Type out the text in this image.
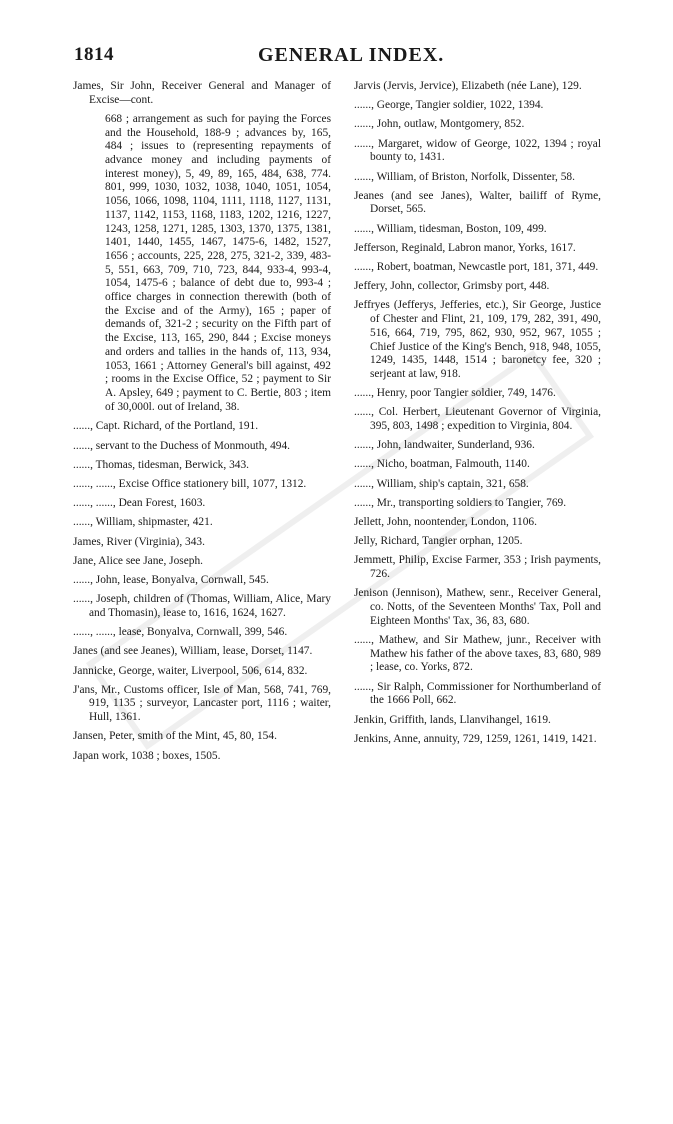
1814	GENERAL INDEX.

James, Sir John, Receiver General and Manager of Excise—cont.

668 ; arrangement as such for paying the Forces and the Household, 188-9 ; advances by, 165, 484 ; issues to (representing repayments of advance money and including payments of interest money), 5, 49, 89, 165, 484, 638, 774. 801, 999, 1030, 1032, 1038, 1040, 1051, 1054, 1056, 1066, 1098, 1104, 1111, 1118, 1127, 1131, 1137, 1142, 1153, 1168, 1183, 1202, 1216, 1227, 1243, 1258, 1271, 1285, 1303, 1370, 1375, 1381, 1401, 1440, 1455, 1467, 1475-6, 1482, 1527, 1656 ; accounts, 225, 228, 275, 321-2, 339, 483-5, 551, 663, 709, 710, 723, 844, 933-4, 993-4, 1054, 1475-6 ; balance of debt due to, 993-4 ; office charges in connection therewith (both of the Excise and of the Army), 165 ; paper of demands of, 321-2 ; security on the Fifth part of the Excise, 113, 165, 290, 844 ; Excise moneys and orders and tallies in the hands of, 113, 934, 1053, 1661 ; Attorney General's bill against, 492 ; rooms in the Excise Office, 52 ; payment to Sir A. Apsley, 649 ; payment to C. Bertie, 803 ; item of 30,000l. out of Ireland, 38.

......, Capt. Richard, of the Portland, 191.

......, servant to the Duchess of Monmouth, 494.

......, Thomas, tidesman, Berwick, 343.

......, ......, Excise Office stationery bill, 1077, 1312.

......, ......, Dean Forest, 1603.

......, William, shipmaster, 421.

James, River (Virginia), 343.

Jane, Alice see Jane, Joseph.

......, John, lease, Bonyalva, Cornwall, 545.

......, Joseph, children of (Thomas, William, Alice, Mary and Thomasin), lease to, 1616, 1624, 1627.

......, ......, lease, Bonyalva, Cornwall, 399, 546.

Janes (and see Jeanes), William, lease, Dorset, 1147.

Jannicke, George, waiter, Liverpool, 506, 614, 832.

J'ans, Mr., Customs officer, Isle of Man, 568, 741, 769, 919, 1135 ; surveyor, Lancaster port, 1116 ; waiter, Hull, 1361.

Jansen, Peter, smith of the Mint, 45, 80, 154.

Japan work, 1038 ; boxes, 1505.

Jarvis (Jervis, Jervice), Elizabeth (née Lane), 129.

......, George, Tangier soldier, 1022, 1394.

......, John, outlaw, Montgomery, 852.

......, Margaret, widow of George, 1022, 1394 ; royal bounty to, 1431.

......, William, of Briston, Norfolk, Dissenter, 58.

Jeanes (and see Janes), Walter, bailiff of Ryme, Dorset, 565.

......, William, tidesman, Boston, 109, 499.

Jefferson, Reginald, Labron manor, Yorks, 1617.

......, Robert, boatman, Newcastle port, 181, 371, 449.

Jeffery, John, collector, Grimsby port, 448.

Jeffryes (Jefferys, Jefferies, etc.), Sir George, Justice of Chester and Flint, 21, 109, 179, 282, 391, 490, 516, 664, 719, 795, 862, 930, 952, 967, 1055 ; Chief Justice of the King's Bench, 918, 948, 1055, 1249, 1435, 1448, 1514 ; baronetcy fee, 320 ; serjeant at law, 918.

......, Henry, poor Tangier soldier, 749, 1476.

......, Col. Herbert, Lieutenant Governor of Virginia, 395, 803, 1498 ; expedition to Virginia, 804.

......, John, landwaiter, Sunderland, 936.

......, Nicho, boatman, Falmouth, 1140.

......, William, ship's captain, 321, 658.

......, Mr., transporting soldiers to Tangier, 769.

Jellett, John, noontender, London, 1106.

Jelly, Richard, Tangier orphan, 1205.

Jemmett, Philip, Excise Farmer, 353 ; Irish payments, 726.

Jenison (Jennison), Mathew, senr., Receiver General, co. Notts, of the Seventeen Months' Tax, Poll and Eighteen Months' Tax, 36, 83, 680.

......, Mathew, and Sir Mathew, junr., Receiver with Mathew his father of the above taxes, 83, 680, 989 ; lease, co. Yorks, 872.

......, Sir Ralph, Commissioner for Northumberland of the 1666 Poll, 662.

Jenkin, Griffith, lands, Llanvihangel, 1619.

Jenkins, Anne, annuity, 729, 1259, 1261, 1419, 1421.
